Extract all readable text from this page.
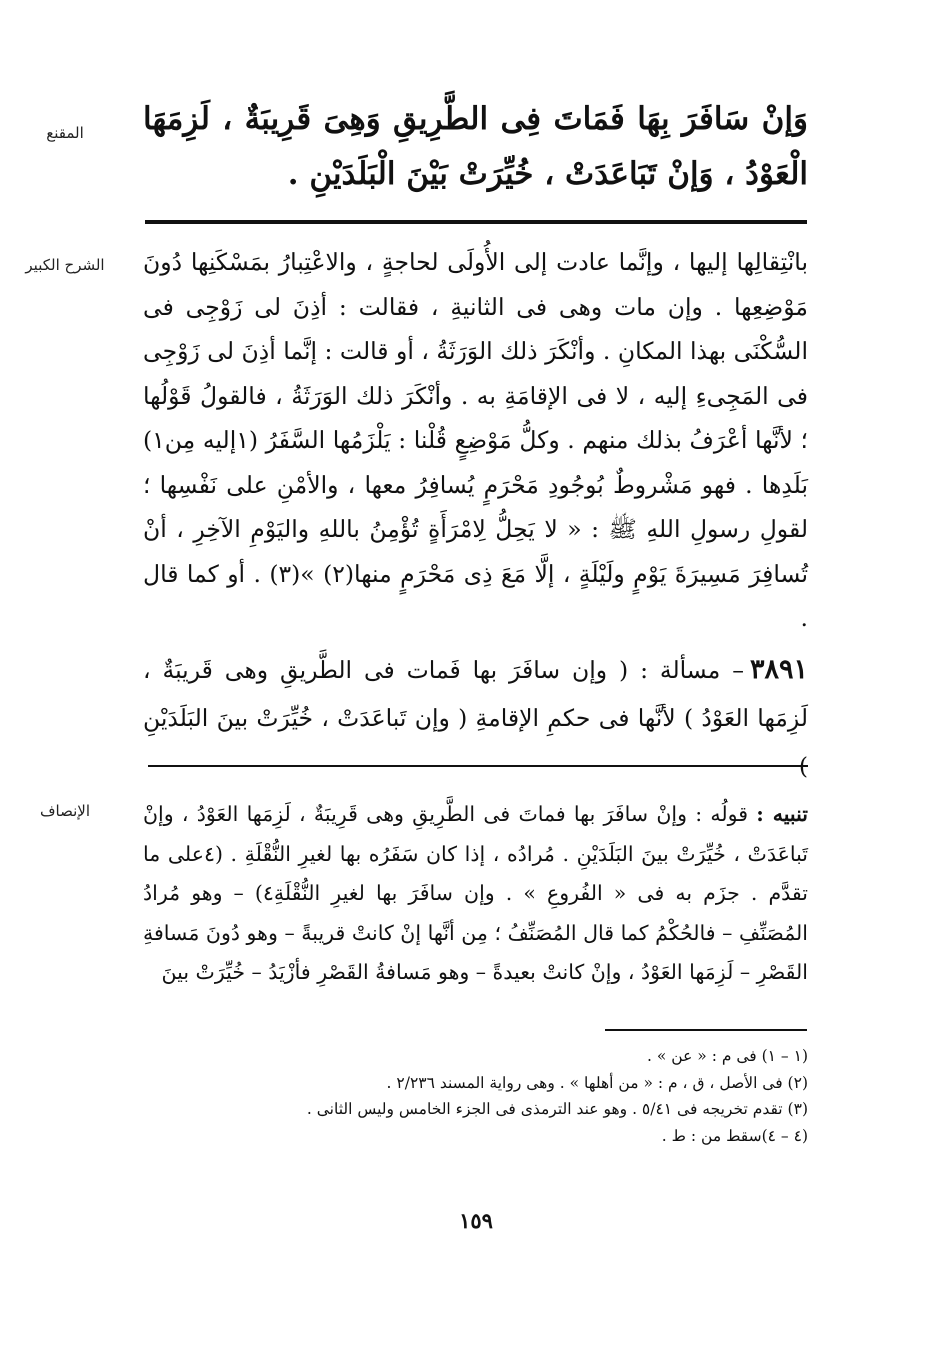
المقنع	وَإنْ سَافَرَ بِهَا فَمَاتَ فِى الطَّرِيقِ وَهِىَ قَرِيبَةٌ ، لَزِمَهَا الْعَوْدُ ، وَإنْ تَبَاعَدَتْ ، خُيِّرَتْ بَيْنَ الْبَلَدَيْنِ .

الشرح الكبير	بانْتِقالِها إليها ، وإنَّما عادت إلى الأُولَى لحاجةٍ ، والاعْتِبارُ بمَسْكَنِها دُونَ مَوْضِعِها . وإن مات وهى فى الثانيةِ ، فقالت : أذِنَ لى زَوْجِى فى السُّكْنَى بهذا المكانِ . وأنْكَرَ ذلك الوَرَثَةُ ، أو قالت : إنَّما أذِنَ لى زَوْجِى فى المَجِىءِ إليه ، لا فى الإقامَةِ به . وأنْكَرَ ذلك الوَرَثَةُ ، فالقولُ قَوْلُها ؛ لأنَّها أعْرَفُ بذلك منهم . وكلُّ مَوْضِعٍ قُلْنا : يَلْزَمُها السَّفَرُ (١إليه مِن١) بَلَدِها . فهو مَشْروطٌ بُوجُودِ مَحْرَمٍ يُسافِرُ معها ، والأمْنِ على نَفْسِها ؛ لقولِ رسولِ اللهِ ﷺ : « لا يَحِلُّ لِامْرَأَةٍ تُؤْمِنُ باللهِ واليَوْمِ الآخِرِ ، أنْ تُسافِرَ مَسِيرَةَ يَوْمٍ ولَيْلَةٍ ، إلَّا مَعَ ذِى مَحْرَمٍ منها(٢) »(٣) . أو كما قال .

٣٨٩١– مسألة : ( وإن سافَرَ بها فَمات فى الطَّريقِ وهى قَريبَةٌ ، لَزِمَها العَوْدُ ) لأنَّها فى حكمِ الإقامةِ ( وإن تَباعَدَتْ ، خُيِّرَتْ بينَ البَلَدَيْنِ

الإنصاف	تنبيه : قولُه : وإنْ سافَرَ بها فماتَ فى الطَّرِيقِ وهى قَرِيبَةٌ ، لَزِمَها العَوْدُ ، وإنْ تَباعَدَتْ ، خُيِّرَتْ بينَ البَلَدَيْنِ . مُرادُه ، إذا كان سَفَرُه بها لغيرِ النُّقْلَةِ . (٤على ما تقدَّم . جزَم به فى « الفُروعِ » . وإن سافَرَ بها لغيرِ النُّقْلَةِ٤) – وهو مُرادُ المُصَنِّفِ – فالحُكْمُ كما قال المُصَنِّفُ ؛ مِن أنَّها إنْ كانتْ قريبةً – وهو دُونَ مَسافةِ القَصْرِ – لَزِمَها العَوْدُ ، وإنْ كانتْ بعيدةً – وهو مَسافةُ القَصْرِ فأزْيَدُ – خُيِّرَتْ بينَ

(١ – ١) فى م : « عن » .

(٢) فى الأصل ، ق ، م : « من أهلها » . وهى رواية المسند ٢/٢٣٦ .

(٣) تقدم تخريجه فى ٥/٤١ . وهو عند الترمذى فى الجزء الخامس وليس الثانى .

(٤ – ٤)سقط من : ط .

١٥٩
